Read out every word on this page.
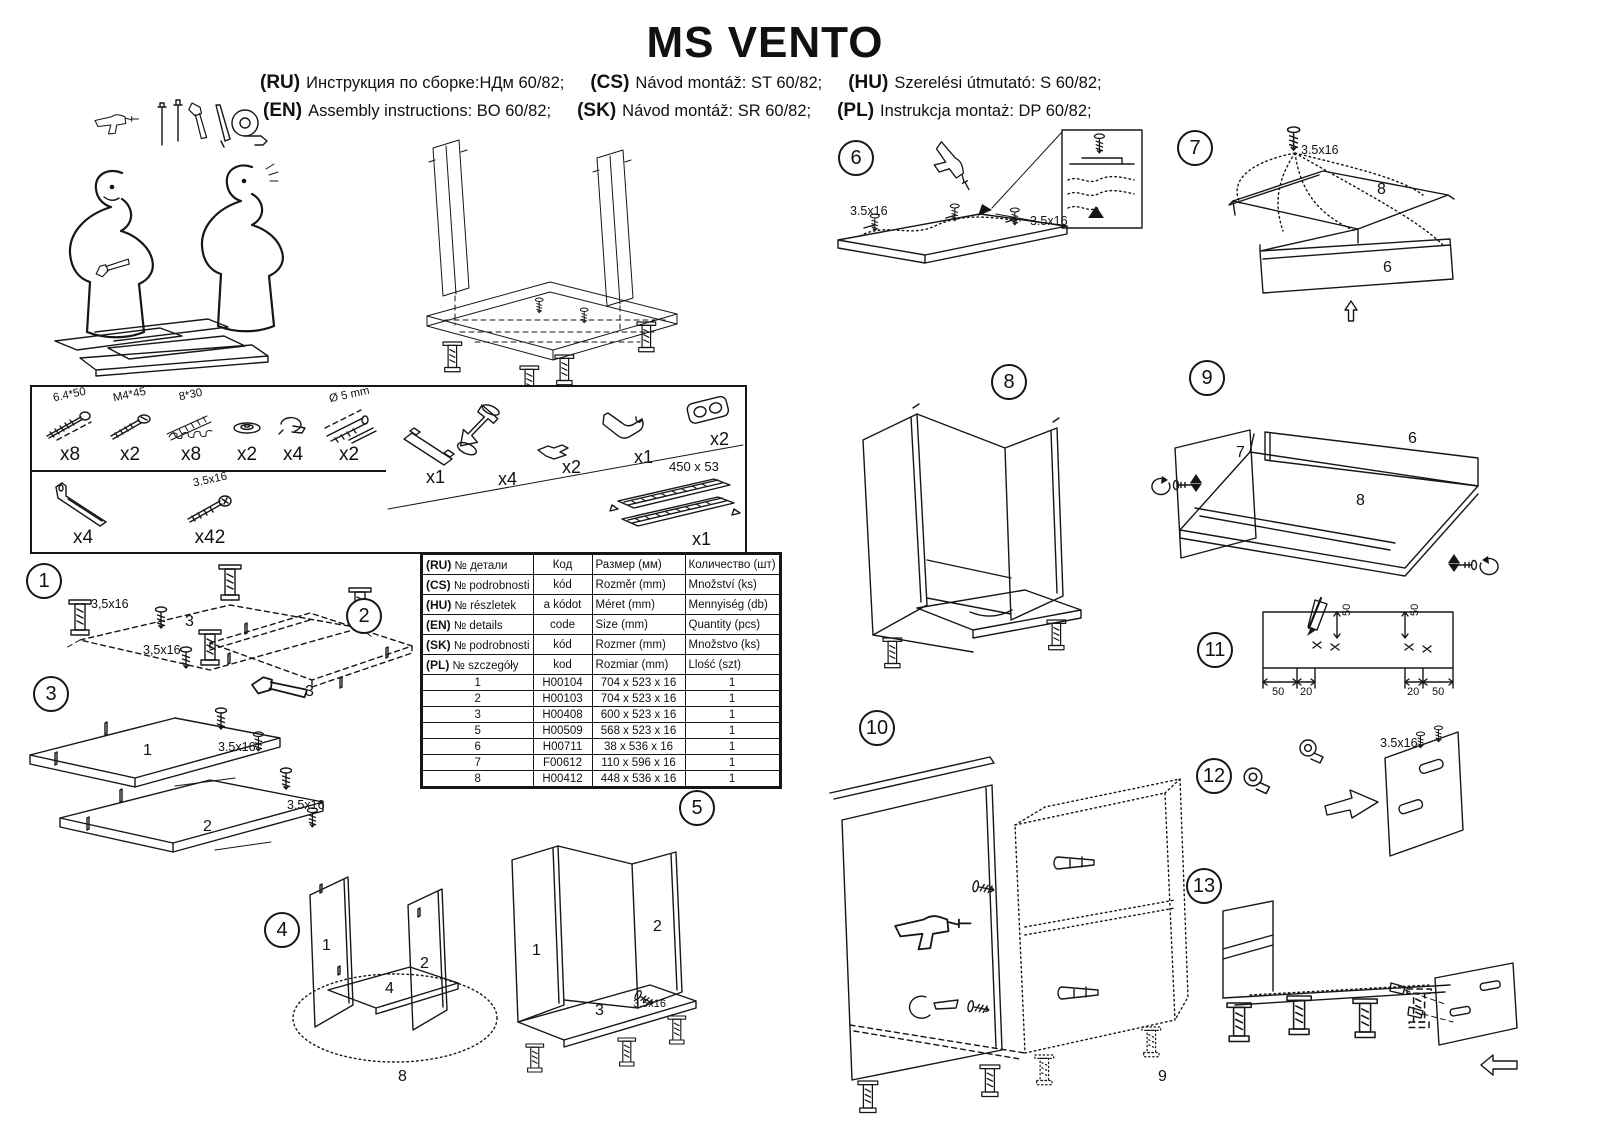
MS VENTO
(RU) Инструкция по сборке:НДм 60/82; (CS) Návod montáž: ST 60/82; (HU) Szerelési útmutató: S 60/82;
(EN) Assembly instructions: BO 60/82; (SK) Návod montáž: SR 60/82; (PL) Instrukcja montaż: DP 60/82;
6.4*50
x8
M4*45
x2
8*30
x8 x2 x4
Ø 5 mm
x2
x4
3.5x16
x42
x1	x4
x2	x1
x2
450 x 53
x1
(RU) № детали	Код	Размер (мм)	Количество (шт)
(CS) № podrobnosti	kód	Rozměr (mm)	Množství (ks)
(HU) № részletek	a kódot	Méret (mm)	Mennyiség (db)
(EN) № details	code	Size (mm)	Quantity (pcs)
(SK) № podrobnosti	kód	Rozmer (mm)	Množstvo (ks)
(PL) № szczegóły	kod	Rozmiar (mm)	Llość (szt)
1	H00104	704 x 523 x 16	1
2	H00103	704 x 523 x 16	1
3	H00408	600 x 523 x 16	1
5	H00509	568 x 523 x 16	1
6	H00711	38 x 536 x 16	1
7	F00612	110 x 596 x 16	1
8	H00412	448 x 536 x 16	1
1
3,5x16
3,5x16
3	2
3
3
1
2
3.5x16
3.5x16
4
1
2
4
5
1
2
3	3.5x16
8
6
3.5x16
3.5x16
7	3.5x16
8
6
8	9
7
6
8
10
11
50	50
50 20	20 50
12
3.5x16
13
9
